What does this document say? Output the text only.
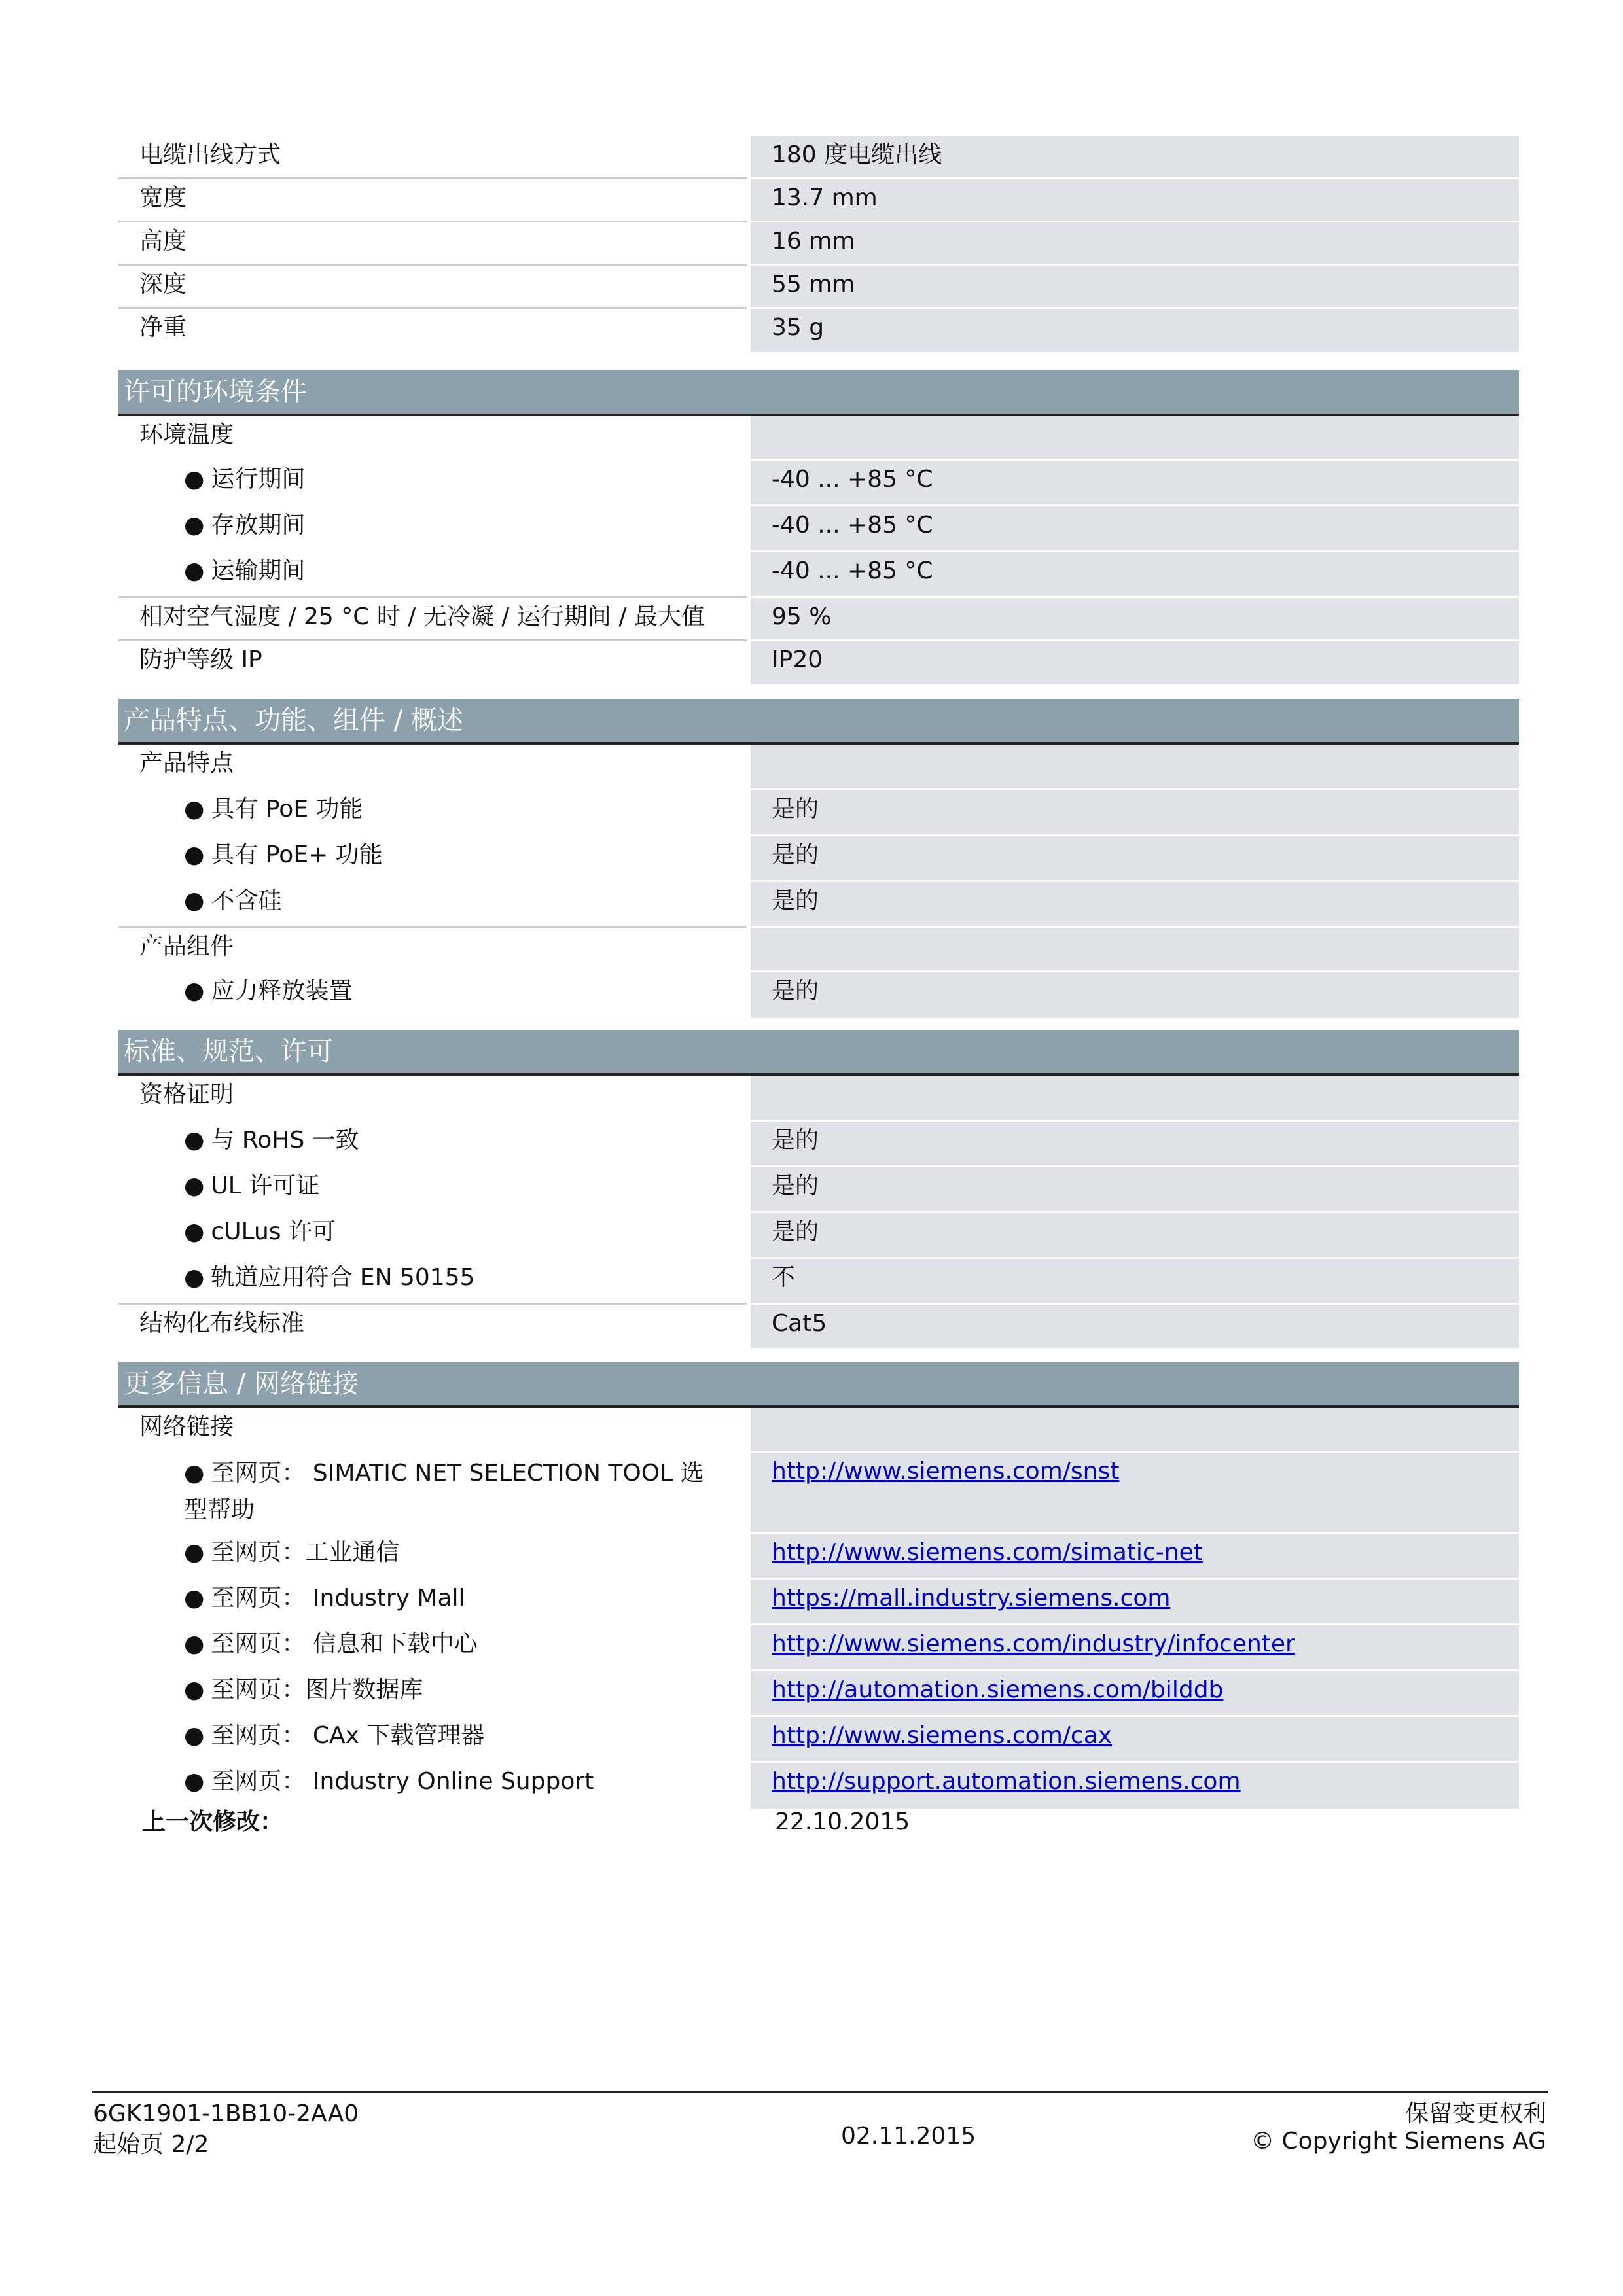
180 度电缆出线
电缆出线方式
13.7 mm
宽度
16 mm
高度
55 mm
深度
35 g
净重
许可的环境条件
环境温度
-40 ... +85 °C
● 运行期间
-40 ... +85 °C
● 存放期间
-40 ... +85 °C
● 运输期间
95 %
相对空气湿度 / 25 °C 时 / 无冷凝 / 运行期间 / 最大值
IP20
防护等级 IP
产品特点、功能、组件 / 概述
产品特点
是的
● 具有 PoE 功能
是的
● 具有 PoE+ 功能
是的
● 不含硅
产品组件
是的
● 应力释放装置
标准、规范、许可
资格证明
是的
● 与 RoHS 一致
是的
● UL 许可证
是的
● cULus 许可
不
● 轨道应用符合 EN 50155
Cat5
结构化布线标准
更多信息 / 网络链接
网络链接
http://www.siemens.com/snst
● 至网页： SIMATIC NET SELECTION TOOL 选型帮助
http://www.siemens.com/simatic-net
● 至网页：工业通信
https://mall.industry.siemens.com
● 至网页： Industry Mall
http://www.siemens.com/industry/infocenter
● 至网页： 信息和下载中心
http://automation.siemens.com/bilddb
● 至网页：图片数据库
http://www.siemens.com/cax
● 至网页： CAx 下载管理器
http://support.automation.siemens.com
● 至网页： Industry Online Support
上一次修改：	22.10.2015
6GK1901-1BB10-2AA0
起始页 2/2	02.11.2015
保留变更权利
© Copyright Siemens AG
